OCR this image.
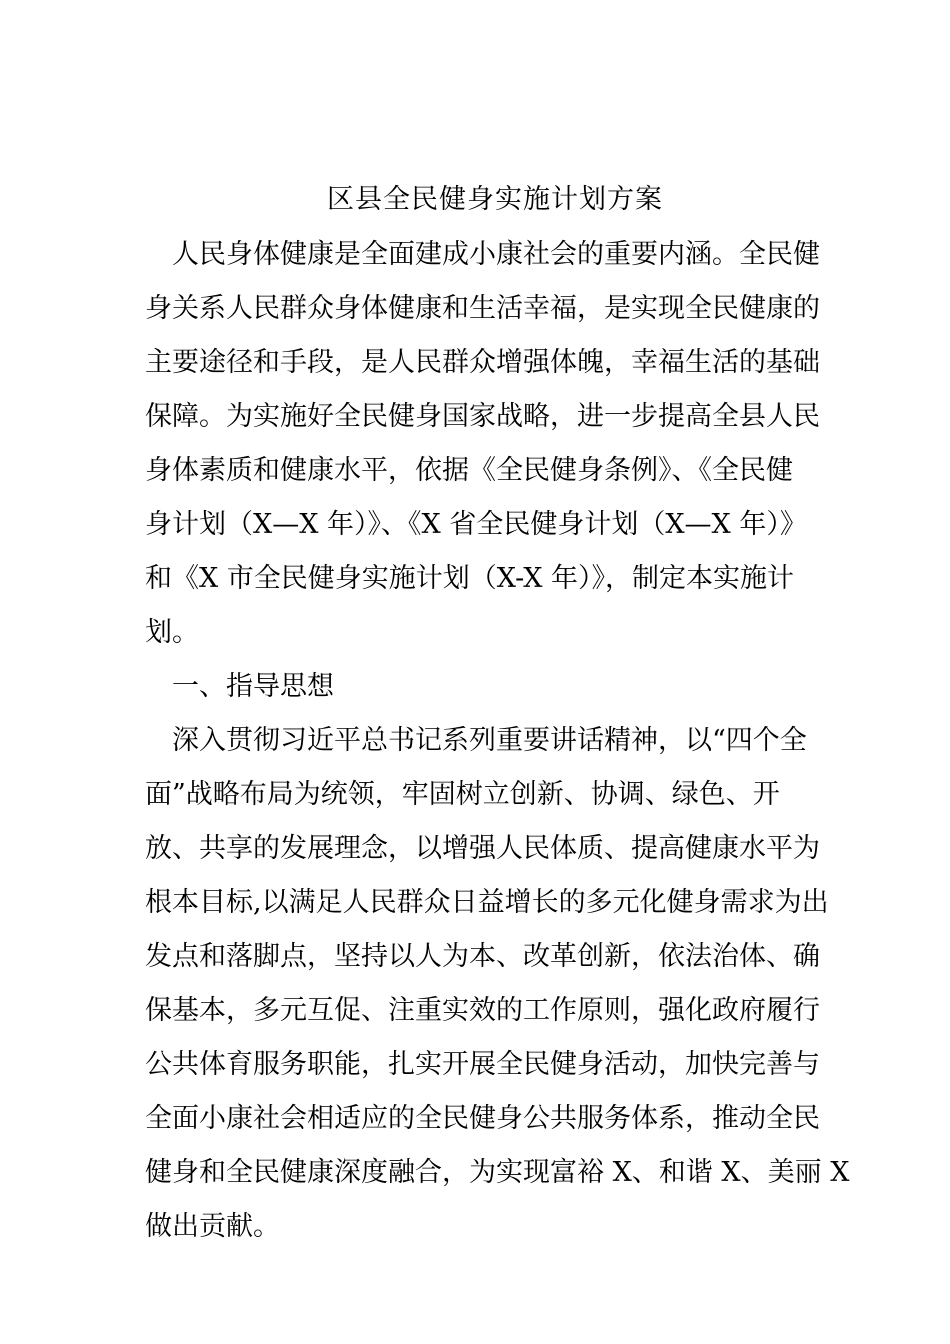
区县全民健身实施计划方案
　人民身体健康是全面建成小康社会的重要内涵。全民健
身关系人民群众身体健康和生活幸福，是实现全民健康的
主要途径和手段，是人民群众增强体魄，幸福生活的基础
保障。为实施好全民健身国家战略，进一步提高全县人民
身体素质和健康水平，依据《全民健身条例》、《全民健
身计划（X—X 年）》、《X 省全民健身计划（X—X 年）》
和《X 市全民健身实施计划（X-X 年）》，制定本实施计
划。
　一、指导思想
　深入贯彻习近平总书记系列重要讲话精神，以“四个全
面”战略布局为统领，牢固树立创新、协调、绿色、开
放、共享的发展理念，以增强人民体质、提高健康水平为
根本目标,以满足人民群众日益增长的多元化健身需求为出
发点和落脚点，坚持以人为本、改革创新，依法治体、确
保基本，多元互促、注重实效的工作原则，强化政府履行
公共体育服务职能，扎实开展全民健身活动，加快完善与
全面小康社会相适应的全民健身公共服务体系，推动全民
健身和全民健康深度融合，为实现富裕 X、和谐 X、美丽 X
做出贡献。
